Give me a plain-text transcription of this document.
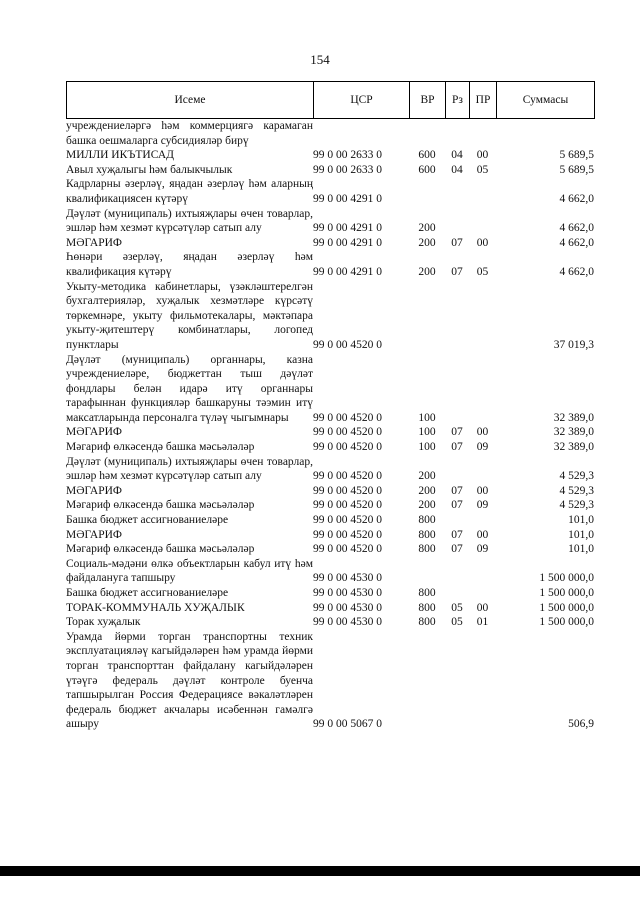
154
Исеме	ЦСР	ВР	Рз	ПР	Суммасы
учреждениеләргә һәм коммерциягә карамаган башка оешмаларга субсидияләр бирү					
МИЛЛИ ИКЪТИСАД	99 0 00 2633 0	600	04	00	5 689,5
Авыл хуҗалыгы һәм балыкчылык	99 0 00 2633 0	600	04	05	5 689,5
Кадрларны әзерләү, яңадан әзерләү һәм аларның квалификациясен күтәрү	99 0 00 4291 0				4 662,0
Дәүләт (муниципаль) ихтыяҗлары өчен товарлар, эшләр һәм хезмәт күрсәтүләр сатып алу	99 0 00 4291 0	200			4 662,0
МӘГАРИФ	99 0 00 4291 0	200	07	00	4 662,0
Һөнәри әзерләү, яңадан әзерләү һәм квалификация күтәрү	99 0 00 4291 0	200	07	05	4 662,0
Укыту-методика кабинетлары, үзәкләштерелгән бухгалтерияләр, хуҗалык хезмәтләре күрсәтү төркемнәре, укыту фильмотекалары, мәктәпара укыту-җитештерү комбинатлары, логопед пунктлары	99 0 00 4520 0				37 019,3
Дәүләт (муниципаль) органнары, казна учреждениеләре, бюджеттан тыш дәүләт фондлары белән идарә итү органнары тарафыннан функцияләр башкаруны тәэмин итү максатларында персоналга түләү чыгымнары	99 0 00 4520 0	100			32 389,0
МӘГАРИФ	99 0 00 4520 0	100	07	00	32 389,0
Мәгариф өлкәсендә башка мәсьәләләр	99 0 00 4520 0	100	07	09	32 389,0
Дәүләт (муниципаль) ихтыяҗлары өчен товарлар, эшләр һәм хезмәт күрсәтүләр сатып алу	99 0 00 4520 0	200			4 529,3
МӘГАРИФ	99 0 00 4520 0	200	07	00	4 529,3
Мәгариф өлкәсендә башка мәсьәләләр	99 0 00 4520 0	200	07	09	4 529,3
Башка бюджет ассигнованиеләре	99 0 00 4520 0	800			101,0
МӘГАРИФ	99 0 00 4520 0	800	07	00	101,0
Мәгариф өлкәсендә башка мәсьәләләр	99 0 00 4520 0	800	07	09	101,0
Социаль-мәдәни өлкә объектларын кабул итү һәм файдалануга тапшыру	99 0 00 4530 0				1 500 000,0
Башка бюджет ассигнованиеләре	99 0 00 4530 0	800			1 500 000,0
ТОРАК-КОММУНАЛЬ ХУҖАЛЫК	99 0 00 4530 0	800	05	00	1 500 000,0
Торак хуҗалык	99 0 00 4530 0	800	05	01	1 500 000,0
Урамда йөрми торган транспортны техник эксплуатацияләү кагыйдәләрен һәм урамда йөрми торган транспорттан файдалану кагыйдәләрен үтәүгә федераль дәүләт контроле буенча тапшырылган Россия Федерациясе вәкаләтләрен федераль бюджет акчалары исәбеннән гамәлгә ашыру	99 0 00 5067 0				506,9
